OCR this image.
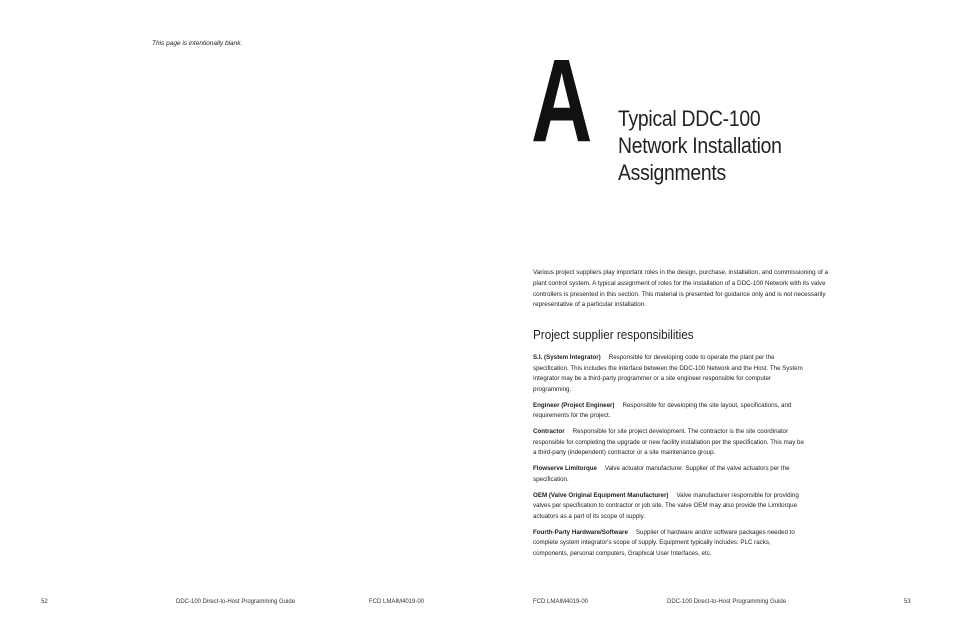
This page is intentionally blank.
52	DDC-100 Direct-to-Host Programming Guide	FCD LMAIM4019-00
A Typical DDC-100
Network Installation
Assignments

Various project suppliers play important roles in the design, purchase, installation, and commissioning of a plant control system. A typical assignment of roles for the installation of a DDC-100 Network with its valve controllers is presented in this section. This material is presented for guidance only and is not necessarily representative of a particular installation.

Project supplier responsibilities
S.I. (System Integrator) Responsible for developing code to operate the plant per the specification. This includes the interface between the DDC-100 Network and the Host. The System Integrator may be a third-party programmer or a site engineer responsible for computer programming.
Engineer (Project Engineer) Responsible for developing the site layout, specifications, and requirements for the project.
Contractor Responsible for site project development. The contractor is the site coordinator responsible for completing the upgrade or new facility installation per the specification. This may be a third-party (independent) contractor or a site maintenance group.
Flowserve Limitorque Valve actuator manufacturer. Supplier of the valve actuators per the specification.
OEM (Valve Original Equipment Manufacturer) Valve manufacturer responsible for providing valves per specification to contractor or job site. The valve OEM may also provide the Limitorque actuators as a part of its scope of supply.
Fourth-Party Hardware/Software Supplier of hardware and/or software packages needed to complete system integrator's scope of supply. Equipment typically includes: PLC racks, components, personal computers, Graphical User Interfaces, etc.
FCD LMAIM4019-00	DDC-100 Direct-to-Host Programming Guide	53
